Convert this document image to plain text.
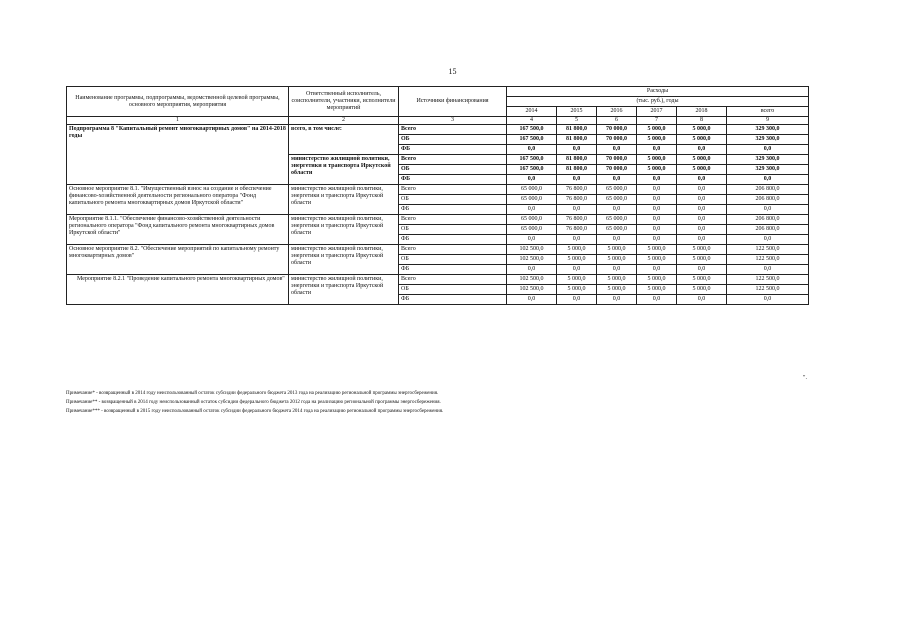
15
Наименование программы, подпрограммы, ведомственной целевой программы, основного мероприятия, мероприятия	Ответственный исполнитель, соисполнители, участники, исполнители мероприятий	Источники финансирования	Расходы					
			(тыс. руб.), годы					
			2014	2015	2016	2017	2018	всего
1	2	3	4	5	6	7	8	9
Подпрограмма 8 "Капитальный ремонт многоквартирных домов" на 2014-2018 годы	всего, в том числе:	Всего	167 500,0	81 800,0	70 000,0	5 000,0	5 000,0	329 300,0
		ОБ	167 500,0	81 800,0	70 000,0	5 000,0	5 000,0	329 300,0
		ФБ	0,0	0,0	0,0	0,0	0,0	0,0
	министерство жилищной политики, энергетики и транспорта Иркутской области	Всего	167 500,0	81 800,0	70 000,0	5 000,0	5 000,0	329 300,0
		ОБ	167 500,0	81 800,0	70 000,0	5 000,0	5 000,0	329 300,0
		ФБ	0,0	0,0	0,0	0,0	0,0	0,0
Основное мероприятие 8.1. "Имущественный взнос на создание и обеспечение финансово-хозяйственной деятельности регионального оператора "Фонд капитального ремонта многоквартирных домов Иркутской области"	министерство жилищной политики, энергетики и транспорта Иркутской области	Всего	65 000,0	76 800,0	65 000,0	0,0	0,0	206 800,0
		ОБ	65 000,0	76 800,0	65 000,0	0,0	0,0	206 800,0
		ФБ	0,0	0,0	0,0	0,0	0,0	0,0
Мероприятие 8.1.1. "Обеспечение финансово-хозяйственной деятельности регионального оператора "Фонд капитального ремонта многоквартирных домов Иркутской области"	министерство жилищной политики, энергетики и транспорта Иркутской области	Всего	65 000,0	76 800,0	65 000,0	0,0	0,0	206 800,0
		ОБ	65 000,0	76 800,0	65 000,0	0,0	0,0	206 800,0
		ФБ	0,0	0,0	0,0	0,0	0,0	0,0
Основное мероприятие 8.2. "Обеспечение мероприятий по капитальному ремонту многоквартирных домов"	министерство жилищной политики, энергетики и транспорта Иркутской области	Всего	102 500,0	5 000,0	5 000,0	5 000,0	5 000,0	122 500,0
		ОБ	102 500,0	5 000,0	5 000,0	5 000,0	5 000,0	122 500,0
		ФБ	0,0	0,0	0,0	0,0	0,0	0,0
Мероприятие 8.2.1 "Проведение капитального ремонта многоквартирных домов"	министерство жилищной политики, энергетики и транспорта Иркутской области	Всего	102 500,0	5 000,0	5 000,0	5 000,0	5 000,0	122 500,0
		ОБ	102 500,0	5 000,0	5 000,0	5 000,0	5 000,0	122 500,0
		ФБ	0,0	0,0	0,0	0,0	0,0	0,0
".
Примечание* - возвращенный в 2014 году неиспользованный остаток субсидии федерального бюджета 2013 года на реализацию региональной программы энергосбережения.
Примечание** - возвращенный в 2014 году неиспользованный остаток субсидии федерального бюджета 2012 года на реализацию региональной программы энергосбережения.
Примечание*** - возвращенный в 2015 году неиспользованный остаток субсидии федерального бюджета 2014 года на реализацию региональной программы энергосбережения.
